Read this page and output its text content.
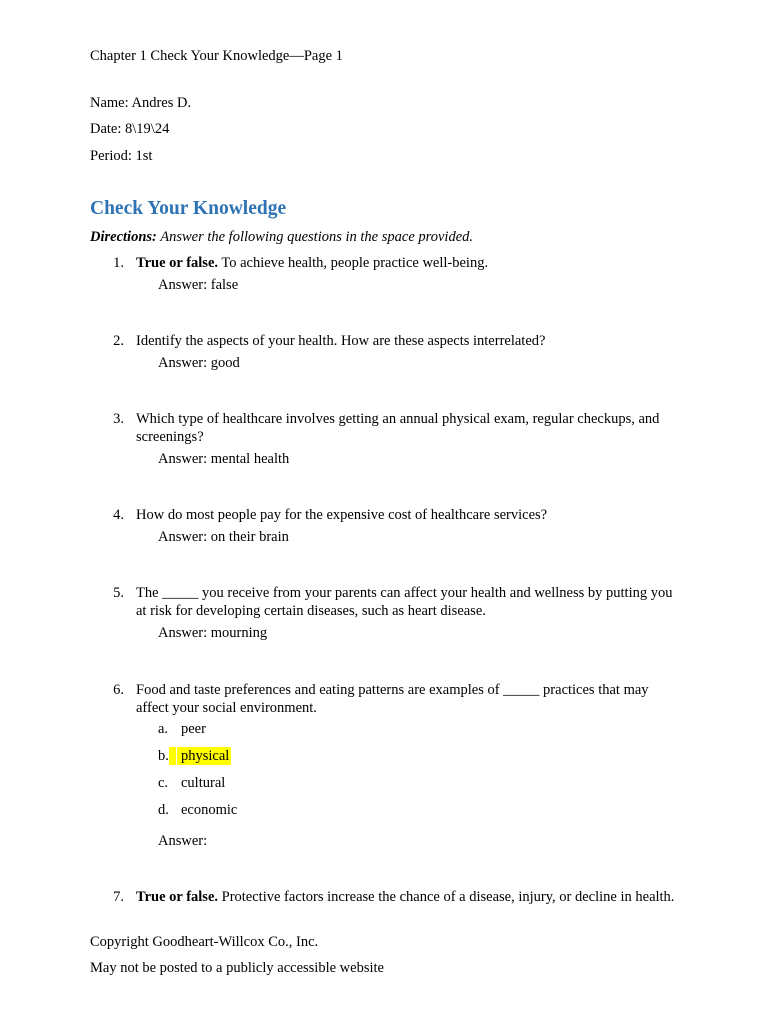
Chapter 1 Check Your Knowledge—Page 1
Name: Andres D.
Date: 8\19\24
Period: 1st
Check Your Knowledge
Directions: Answer the following questions in the space provided.
1. True or false. To achieve health, people practice well-being.
Answer: false
2. Identify the aspects of your health. How are these aspects interrelated?
Answer: good
3. Which type of healthcare involves getting an annual physical exam, regular checkups, and screenings?
Answer: mental health
4. How do most people pay for the expensive cost of healthcare services?
Answer: on their brain
5. The _____ you receive from your parents can affect your health and wellness by putting you at risk for developing certain diseases, such as heart disease.
Answer: mourning
6. Food and taste preferences and eating patterns are examples of _____ practices that may affect your social environment.
a. peer
b. physical
c. cultural
d. economic
Answer:
7. True or false. Protective factors increase the chance of a disease, injury, or decline in health.
Copyright Goodheart-Willcox Co., Inc.
May not be posted to a publicly accessible website
